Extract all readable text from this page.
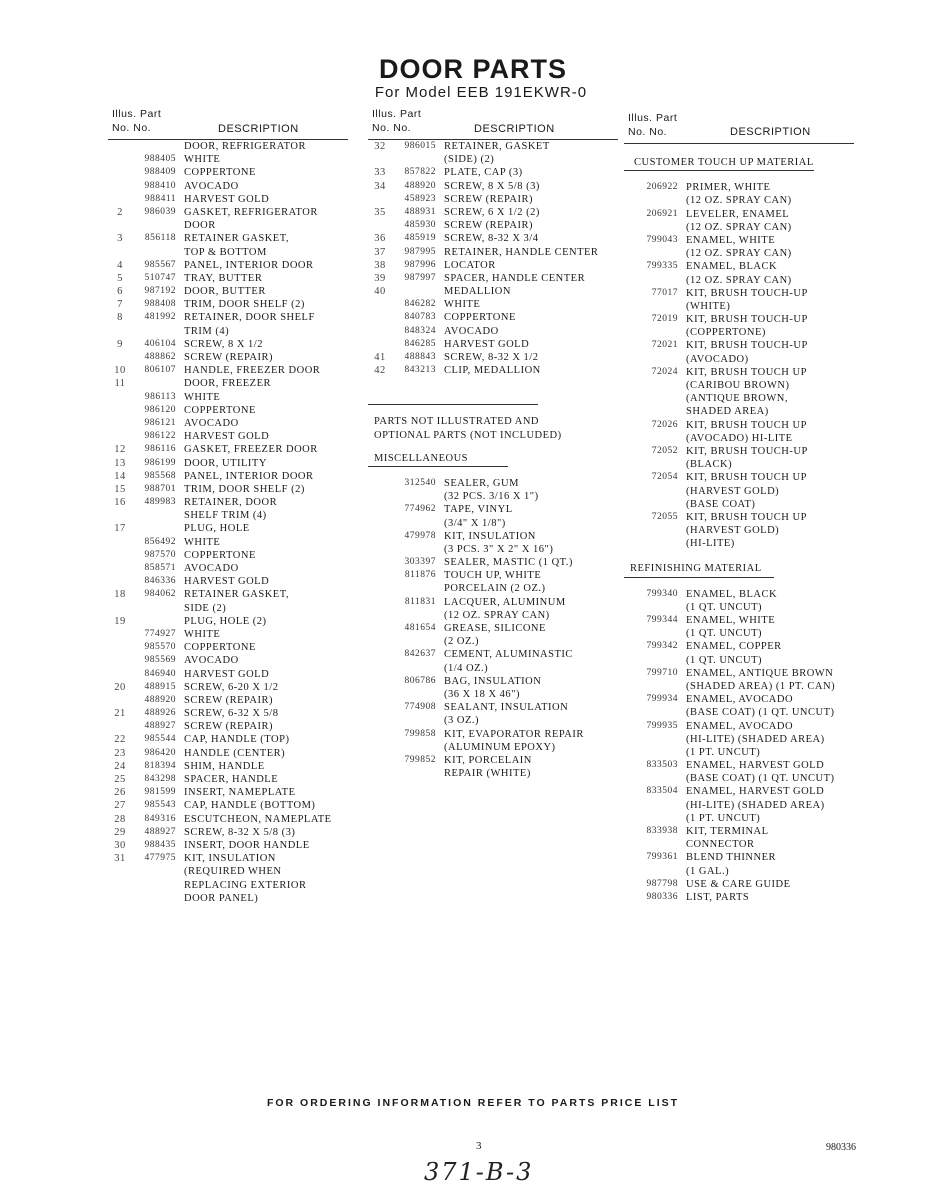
DOOR PARTS
For Model EEB 191EKWR-0
Illus. Part
No. No.	DESCRIPTION
DOOR, REFRIGERATOR
988405 WHITE
988409 COPPERTONE
988410 AVOCADO
988411 HARVEST GOLD
2	986039 GASKET, REFRIGERATOR
DOOR
3	856118 RETAINER GASKET,
TOP & BOTTOM
4	985567 PANEL, INTERIOR DOOR
5	510747 TRAY, BUTTER
6	987192 DOOR, BUTTER
7	988408 TRIM, DOOR SHELF (2)
8	481992 RETAINER, DOOR SHELF
TRIM (4)
9	406104 SCREW, 8 X 1/2
488862 SCREW (REPAIR)
10	806107 HANDLE, FREEZER DOOR
11	DOOR, FREEZER
986113 WHITE
986120 COPPERTONE
986121 AVOCADO
986122 HARVEST GOLD
12	986116 GASKET, FREEZER DOOR
13	986199 DOOR, UTILITY
14	985568 PANEL, INTERIOR DOOR
15	988701 TRIM, DOOR SHELF (2)
16	489983 RETAINER, DOOR
SHELF TRIM (4)
17	PLUG, HOLE
856492 WHITE
987570 COPPERTONE
858571 AVOCADO
846336 HARVEST GOLD
18	984062 RETAINER GASKET,
SIDE (2)
19	PLUG, HOLE (2)
774927 WHITE
985570 COPPERTONE
985569 AVOCADO
846940 HARVEST GOLD
20	488915 SCREW, 6-20 X 1/2
488920 SCREW (REPAIR)
21	488926 SCREW, 6-32 X 5/8
488927 SCREW (REPAIR)
22	985544 CAP, HANDLE (TOP)
23	986420 HANDLE (CENTER)
24	818394 SHIM, HANDLE
25	843298 SPACER, HANDLE
26	981599 INSERT, NAMEPLATE
27	985543 CAP, HANDLE (BOTTOM)
28	849316 ESCUTCHEON, NAMEPLATE
29	488927 SCREW, 8-32 X 5/8 (3)
30	988435 INSERT, DOOR HANDLE
31	477975 KIT, INSULATION
(REQUIRED WHEN
REPLACING EXTERIOR
DOOR PANEL)
Illus. Part
No. No.	DESCRIPTION
32	986015 RETAINER, GASKET
(SIDE) (2)
33	857822 PLATE, CAP (3)
34	488920 SCREW, 8 X 5/8 (3)
458923 SCREW (REPAIR)
35	488931 SCREW, 6 X 1/2 (2)
485930 SCREW (REPAIR)
36	485919 SCREW, 8-32 X 3/4
37	987995 RETAINER, HANDLE CENTER
38	987996 LOCATOR
39	987997 SPACER, HANDLE CENTER
40	MEDALLION
846282 WHITE
840783 COPPERTONE
848324 AVOCADO
846285 HARVEST GOLD
41	488843 SCREW, 8-32 X 1/2
42	843213 CLIP, MEDALLION
PARTS NOT ILLUSTRATED AND
OPTIONAL PARTS (NOT INCLUDED)
MISCELLANEOUS
312540 SEALER, GUM
(32 PCS. 3/16 X 1")
774962 TAPE, VINYL
(3/4" X 1/8")
479978 KIT, INSULATION
(3 PCS. 3" X 2" X 16")
303397 SEALER, MASTIC (1 QT.)
811876 TOUCH UP, WHITE
PORCELAIN (2 OZ.)
811831 LACQUER, ALUMINUM
(12 OZ. SPRAY CAN)
481654 GREASE, SILICONE
(2 OZ.)
842637 CEMENT, ALUMINASTIC
(1/4 OZ.)
806786 BAG, INSULATION
(36 X 18 X 46")
774908 SEALANT, INSULATION
(3 OZ.)
799858 KIT, EVAPORATOR REPAIR
(ALUMINUM EPOXY)
799852 KIT, PORCELAIN
REPAIR (WHITE)
Illus. Part
No. No.	DESCRIPTION
CUSTOMER TOUCH UP MATERIAL
206922 PRIMER, WHITE
(12 OZ. SPRAY CAN)
206921 LEVELER, ENAMEL
(12 OZ. SPRAY CAN)
799043 ENAMEL, WHITE
(12 OZ. SPRAY CAN)
799335 ENAMEL, BLACK
(12 OZ. SPRAY CAN)
77017 KIT, BRUSH TOUCH-UP
(WHITE)
72019 KIT, BRUSH TOUCH-UP
(COPPERTONE)
72021 KIT, BRUSH TOUCH-UP
(AVOCADO)
72024 KIT, BRUSH TOUCH UP
(CARIBOU BROWN)
(ANTIQUE BROWN,
SHADED AREA)
72026 KIT, BRUSH TOUCH UP
(AVOCADO) HI-LITE
72052 KIT, BRUSH TOUCH-UP
(BLACK)
72054 KIT, BRUSH TOUCH UP
(HARVEST GOLD)
(BASE COAT)
72055 KIT, BRUSH TOUCH UP
(HARVEST GOLD)
(HI-LITE)
REFINISHING MATERIAL
799340 ENAMEL, BLACK
(1 QT. UNCUT)
799344 ENAMEL, WHITE
(1 QT. UNCUT)
799342 ENAMEL, COPPER
(1 QT. UNCUT)
799710 ENAMEL, ANTIQUE BROWN
(SHADED AREA) (1 PT. CAN)
799934 ENAMEL, AVOCADO
(BASE COAT) (1 QT. UNCUT)
799935 ENAMEL, AVOCADO
(HI-LITE) (SHADED AREA)
(1 PT. UNCUT)
833503 ENAMEL, HARVEST GOLD
(BASE COAT) (1 QT. UNCUT)
833504 ENAMEL, HARVEST GOLD
(HI-LITE) (SHADED AREA)
(1 PT. UNCUT)
833938 KIT, TERMINAL
CONNECTOR
799361 BLEND THINNER
(1 GAL.)
987798 USE & CARE GUIDE
980336 LIST, PARTS
FOR ORDERING INFORMATION REFER TO PARTS PRICE LIST
3	980336
371-B-3
